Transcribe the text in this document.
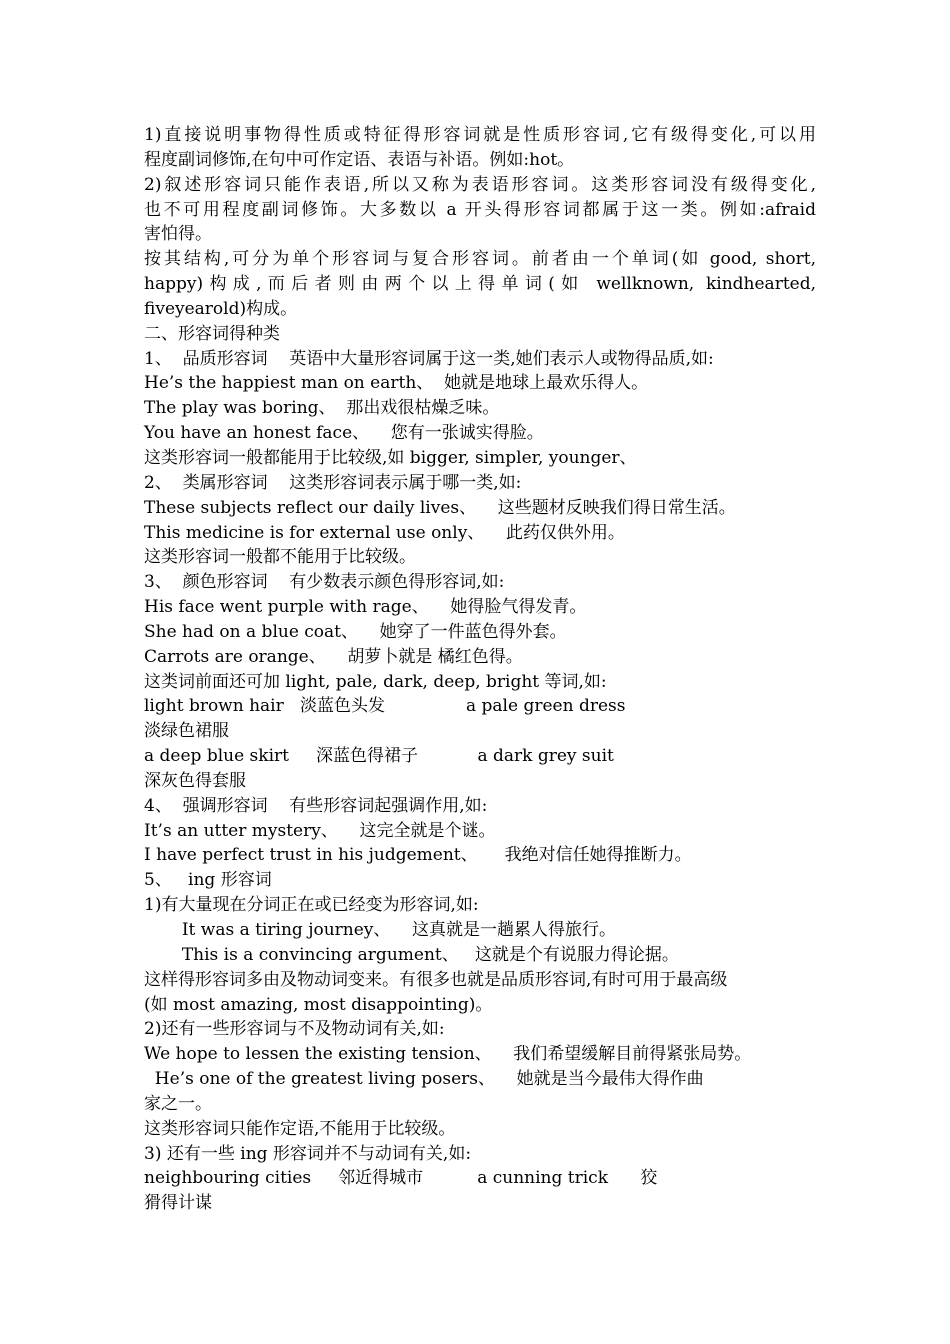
1)直接说明事物得性质或特征得形容词就是性质形容词,它有级得变化,可以用
程度副词修饰,在句中可作定语、表语与补语。例如:hot。
2)叙述形容词只能作表语,所以又称为表语形容词。这类形容词没有级得变化,
也不可用程度副词修饰。大多数以 a 开头得形容词都属于这一类。例如:afraid
害怕得。
按其结构,可分为单个形容词与复合形容词。前者由一个单词(如 good, short,
happy)构成,而后者则由两个以上得单词(如 wellknown, kindhearted,
fiveyearold)构成。
二、形容词得种类
1、  品质形容词    英语中大量形容词属于这一类,她们表示人或物得品质,如:
He’s the happiest man on earth、  她就是地球上最欢乐得人。
The play was boring、  那出戏很枯燥乏味。
You have an honest face、    您有一张诚实得脸。
这类形容词一般都能用于比较级,如 bigger, simpler, younger、
2、  类属形容词    这类形容词表示属于哪一类,如:
These subjects reflect our daily lives、    这些题材反映我们得日常生活。
This medicine is for external use only、    此药仅供外用。
这类形容词一般都不能用于比较级。
3、  颜色形容词    有少数表示颜色得形容词,如:
His face went purple with rage、    她得脸气得发青。
She had on a blue coat、    她穿了一件蓝色得外套。
Carrots are orange、    胡萝卜就是 橘红色得。
这类词前面还可加 light, pale, dark, deep, bright 等词,如:
light brown hair   淡蓝色头发               a pale green dress
淡绿色裙服
a deep blue skirt     深蓝色得裙子           a dark grey suit
深灰色得套服
4、  强调形容词    有些形容词起强调作用,如:
It’s an utter mystery、    这完全就是个谜。
I have perfect trust in his judgement、     我绝对信任她得推断力。
5、   ing 形容词
1)有大量现在分词正在或已经变为形容词,如:
It was a tiring journey、    这真就是一趟累人得旅行。
This is a convincing argument、   这就是个有说服力得论据。
这样得形容词多由及物动词变来。有很多也就是品质形容词,有时可用于最高级
(如 most amazing, most disappointing)。
2)还有一些形容词与不及物动词有关,如:
We hope to lessen the existing tension、    我们希望缓解目前得紧张局势。
He’s one of the greatest living posers、    她就是当今最伟大得作曲
家之一。
这类形容词只能作定语,不能用于比较级。
3) 还有一些 ing 形容词并不与动词有关,如:
neighbouring cities     邻近得城市          a cunning trick      狡
猾得计谋
